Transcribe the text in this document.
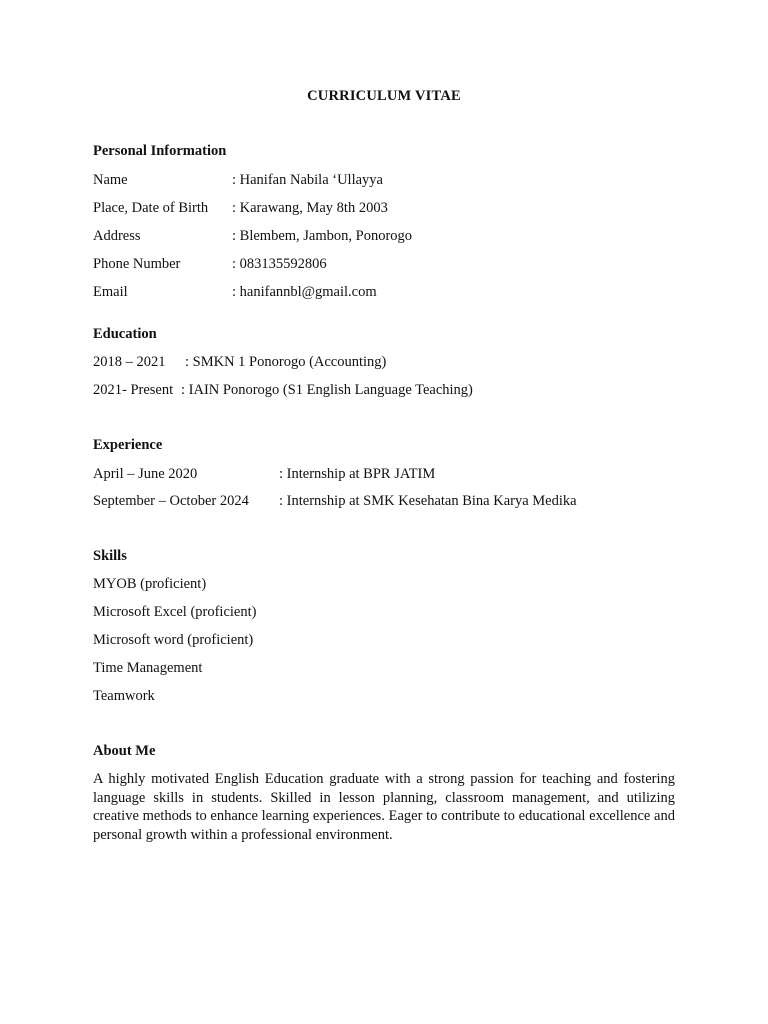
CURRICULUM VITAE
Personal Information
Name	: Hanifan Nabila ‘Ullayya
Place, Date of Birth : Karawang, May 8th 2003
Address	: Blembem, Jambon, Ponorogo
Phone Number	: 083135592806
Email	: hanifannbl@gmail.com
Education
2018 – 2021 : SMKN 1 Ponorogo (Accounting)
2021- Present : IAIN Ponorogo (S1 English Language Teaching)
Experience
April – June 2020	: Internship at BPR JATIM
September – October 2024 : Internship at SMK Kesehatan Bina Karya Medika
Skills
MYOB (proficient)
Microsoft Excel (proficient)
Microsoft word (proficient)
Time Management
Teamwork
About Me
A highly motivated English Education graduate with a strong passion for teaching and fostering language skills in students. Skilled in lesson planning, classroom management, and utilizing creative methods to enhance learning experiences. Eager to contribute to educational excellence and personal growth within a professional environment.
